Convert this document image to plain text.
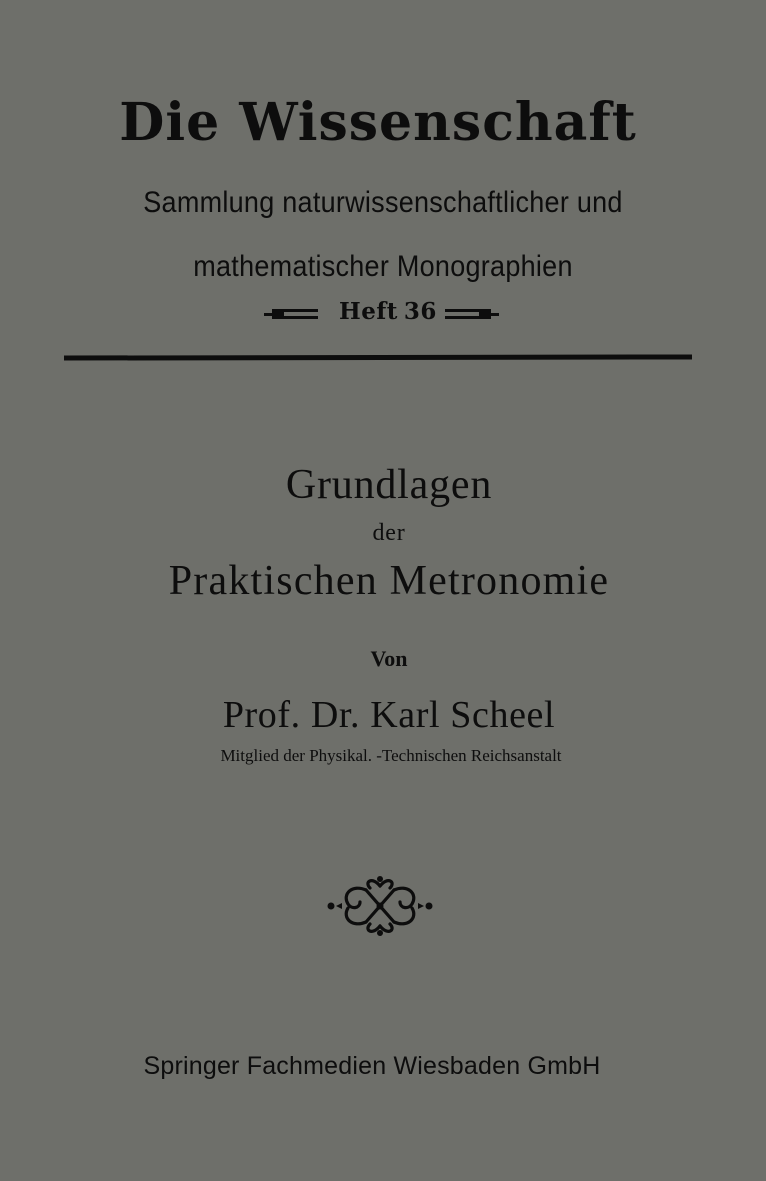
Die Wissenschaft
Sammlung naturwissenschaftlicher und
mathematischer Monographien
Heft 36
Grundlagen
der
Praktischen Metronomie
Von
Prof. Dr. Karl Scheel
Mitglied der Physikal. -Technischen Reichsanstalt
Springer Fachmedien Wiesbaden GmbH
